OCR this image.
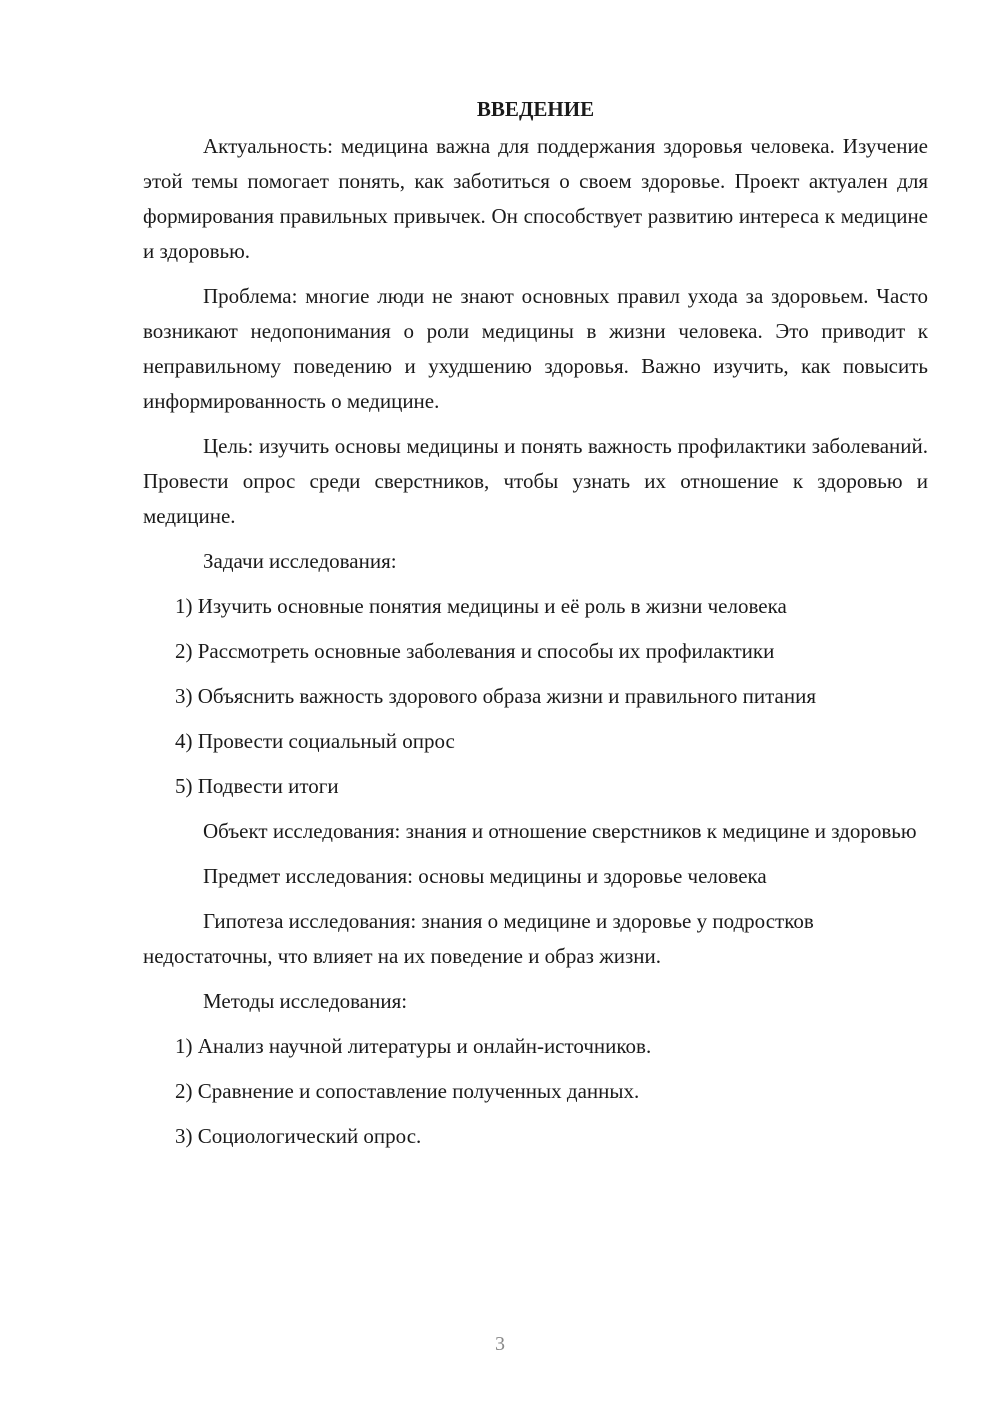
ВВЕДЕНИЕ

Актуальность: медицина важна для поддержания здоровья человека. Изучение этой темы помогает понять, как заботиться о своем здоровье. Проект актуален для формирования правильных привычек. Он способствует развитию интереса к медицине и здоровью.

Проблема: многие люди не знают основных правил ухода за здоровьем. Часто возникают недопонимания о роли медицины в жизни человека. Это приводит к неправильному поведению и ухудшению здоровья. Важно изучить, как повысить информированность о медицине.

Цель: изучить основы медицины и понять важность профилактики заболеваний. Провести опрос среди сверстников, чтобы узнать их отношение к здоровью и медицине.

Задачи исследования:

1) Изучить основные понятия медицины и её роль в жизни человека

2) Рассмотреть основные заболевания и способы их профилактики

3) Объяснить важность здорового образа жизни и правильного питания

4) Провести социальный опрос

5) Подвести итоги

Объект исследования: знания и отношение сверстников к медицине и здоровью

Предмет исследования: основы медицины и здоровье человека

Гипотеза исследования: знания о медицине и здоровье у подростков недостаточны, что влияет на их поведение и образ жизни.

Методы исследования:

1) Анализ научной литературы и онлайн-источников.

2) Сравнение и сопоставление полученных данных.

3) Социологический опрос.

3
